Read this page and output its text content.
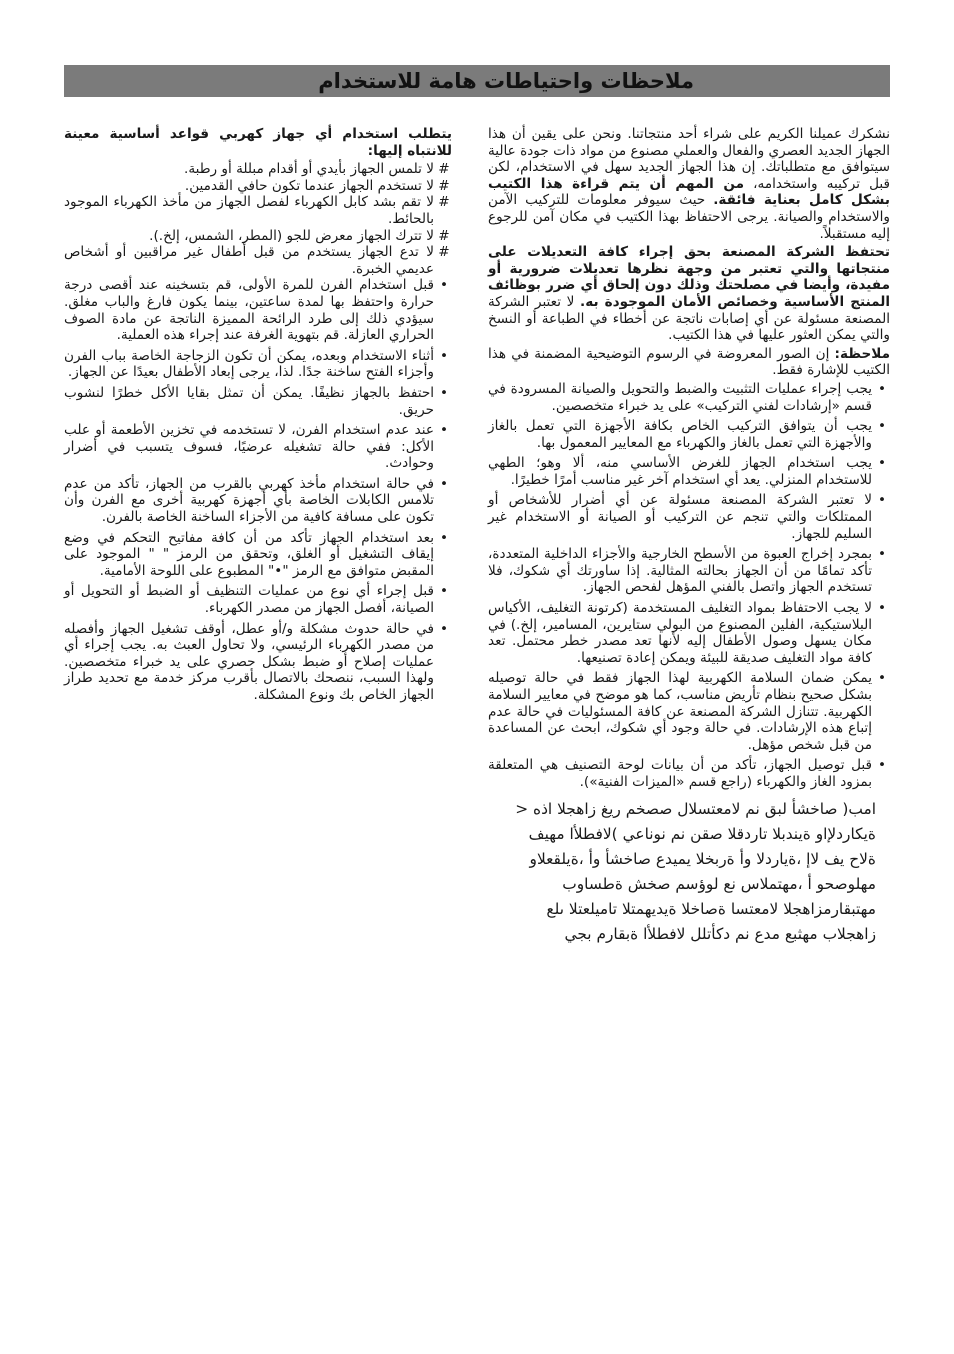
ملاحظات واحتياطات هامة للاستخدام

نشكرك عميلنا الكريم على شراء أحد منتجاتنا. ونحن على يقين أن هذا الجهاز الجديد العصري والفعال والعملي مصنوع من مواد ذات جودة عالية سيتوافق مع متطلباتك. إن هذا الجهاز الجديد سهل في الاستخدام، لكن قبل تركيبه واستخدامه، من المهم أن يتم قراءة هذا الكتيب بشكل كامل بعناية فائقة. حيث سيوفر معلومات للتركيب الآمن والاستخدام والصيانة. يرجى الاحتفاظ بهذا الكتيب في مكان آمن للرجوع إليه مستقبلاً.

تحتفظ الشركة المصنعة بحق إجراء كافة التعديلات على منتجاتها والتي تعتبر من وجهة نظرها تعديلات ضرورية أو مفيدة، وأيضا في مصلحتك وذلك دون إلحاق أي ضرر بوظائف المنتج الأساسية وخصائص الأمان الموجودة به. لا تعتبر الشركة المصنعة مسئولة عن أي إصابات ناتجة عن أخطاء في الطباعة أو النسخ والتي يمكن العثور عليها في هذا الكتيب.

ملاحظة: إن الصور المعروضة في الرسوم التوضيحية المضمنة في هذا الكتيب للإشارة فقط.

•
يجب إجراء عمليات التثبيت والضبط والتحويل والصيانة المسرودة في قسم «إرشادات لفني التركيب» على يد خبراء متخصصين.
•
يجب أن يتوافق التركيب الخاص بكافة الأجهزة التي تعمل بالغاز والأجهزة التي تعمل بالغاز والكهرباء مع المعايير المعمول بها.
•
يجب استخدام الجهاز للغرض الأساسي منه، ألا وهو؛ الطهي للاستخدام المنزلي. يعد أي استخدام آخر غير مناسب أمرًا خطيرًا.
•
لا تعتبر الشركة المصنعة مسئولة عن أي أضرار للأشخاص أو الممتلكات والتي تنجم عن التركيب أو الصيانة أو الاستخدام غير السليم للجهاز.
•
بمجرد إخراج العبوة من الأسطح الخارجية والأجزاء الداخلية المتعددة، تأكد تمامًا من أن الجهاز بحالته المثالية. إذا ساورتك أي شكوك، فلا تستخدم الجهاز واتصل بالفني المؤهل لفحص الجهاز.
•
لا يجب الاحتفاظ بمواد التغليف المستخدمة (كرتونة التغليف، الأكياس البلاستيكية، الفلين المصنوع من البولي ستايرين، المسامير، إلخ.) في مكان يسهل وصول الأطفال إليه لأنها تعد مصدر خطر محتمل. تعد كافة مواد التغليف صديقة للبيئة ويمكن إعادة تصنيعها.
•
يمكن ضمان السلامة الكهربية لهذا الجهاز فقط في حالة توصيله بشكل صحيح بنظام تأريض مناسب، كما هو موضح في معايير السلامة الكهربية. تتنازل الشركة المصنعة عن كافة المسئوليات في حالة عدم إتباع هذه الإرشادات. في حالة وجود أي شكوك، ابحث عن المساعدة من قبل شخص مؤهل.
•
قبل توصيل الجهاز، تأكد من أن بيانات لوحة التصنيف هي المتعلقة بمزود الغاز والكهرباء (راجع قسم «الميزات الفنية»).
امب( صاخشأ لبق نم لامعتسلال صصخم ريغ زاهجلا اذه <
ةيكاردلإاو ةيندبلا تاردقلا صقن نم نوناعي )لافطلأا مهيف
ةلاح يف لاإ ،ةياردلا وأ ةربخلا يميدع صاخشأ وأ ،ةيلقعلاو
مهلوصحو أ ،مهتملاس نع لوؤسم صخش ةطساوب
مهتبقارمزاهجلا لامعتسا ةصاخلا ةيديهمتلا تاميلعتلا ىلع
زاهجلاب مهثبع مدع نم دكأتلل لافطلأا ةبقارم بجي

يتطلب استخدام أي جهاز كهربي قواعد أساسية معينة للانتباه إليها:

#
لا تلمس الجهاز بأيدي أو أقدام مبللة أو رطبة.
#
لا تستخدم الجهاز عندما تكون حافي القدمين.
#
لا تقم بشد كابل الكهرباء لفصل الجهاز من مأخذ الكهرباء الموجود بالحائط.
#
لا تترك الجهاز معرض للجو (المطر، الشمس، إلخ.).
#
لا تدع الجهاز يستخدم من قبل أطفال غير مراقبين أو أشخاص عديمي الخبرة.
•
قبل استخدام الفرن للمرة الأولى، قم بتسخينه عند أقصى درجة حرارة واحتفظ بها لمدة ساعتين، بينما يكون فارغ والباب مغلق. سيؤدي ذلك إلى طرد الرائحة المميزة الناتجة عن مادة الصوف الحراري العازلة. قم بتهوية الغرفة عند إجراء هذه العملية.
•
أثناء الاستخدام وبعده، يمكن أن تكون الزجاجة الخاصة بباب الفرن وأجزاء الفتح ساخنة جدًا. لذا، يرجى إبعاد الأطفال بعيدًا عن الجهاز.
•
احتفظ بالجهاز نظيفًا. يمكن أن تمثل بقايا الأكل خطرًا لنشوب حريق.
•
عند عدم استخدام الفرن، لا تستخدمه في تخزين الأطعمة أو علب الأكل: ففي حالة تشغيله عرضيًا، فسوف يتسبب في أضرار وحوادث.
•
في حالة استخدام مأخذ كهربي بالقرب من الجهاز، تأكد من عدم تلامس الكابلات الخاصة بأي أجهزة كهربية أخرى مع الفرن وأن تكون على مسافة كافية من الأجزاء الساخنة الخاصة بالفرن.
•
بعد استخدام الجهاز تأكد من أن كافة مفاتيح التحكم في وضع إيقاف التشغيل أو الغلق، وتحقق من الرمز " " الموجود على المقبض متوافق مع الرمز "•" المطبوع على اللوحة الأمامية.
•
قبل إجراء أي نوع من عمليات التنظيف أو الضبط أو التحويل أو الصيانة، أفصل الجهاز من مصدر الكهرباء.
•
في حالة حدوث مشكلة و/أو عطل، أوقف تشغيل الجهاز وأفصله من مصدر الكهرباء الرئيسي، ولا تحاول العبث به. يجب إجراء أي عمليات إصلاح أو ضبط بشكل حصري على يد خبراء متخصصين. ولهذا السبب، ننصحك بالاتصال بأقرب مركز خدمة مع تحديد طراز الجهاز الخاص بك ونوع المشكلة.
